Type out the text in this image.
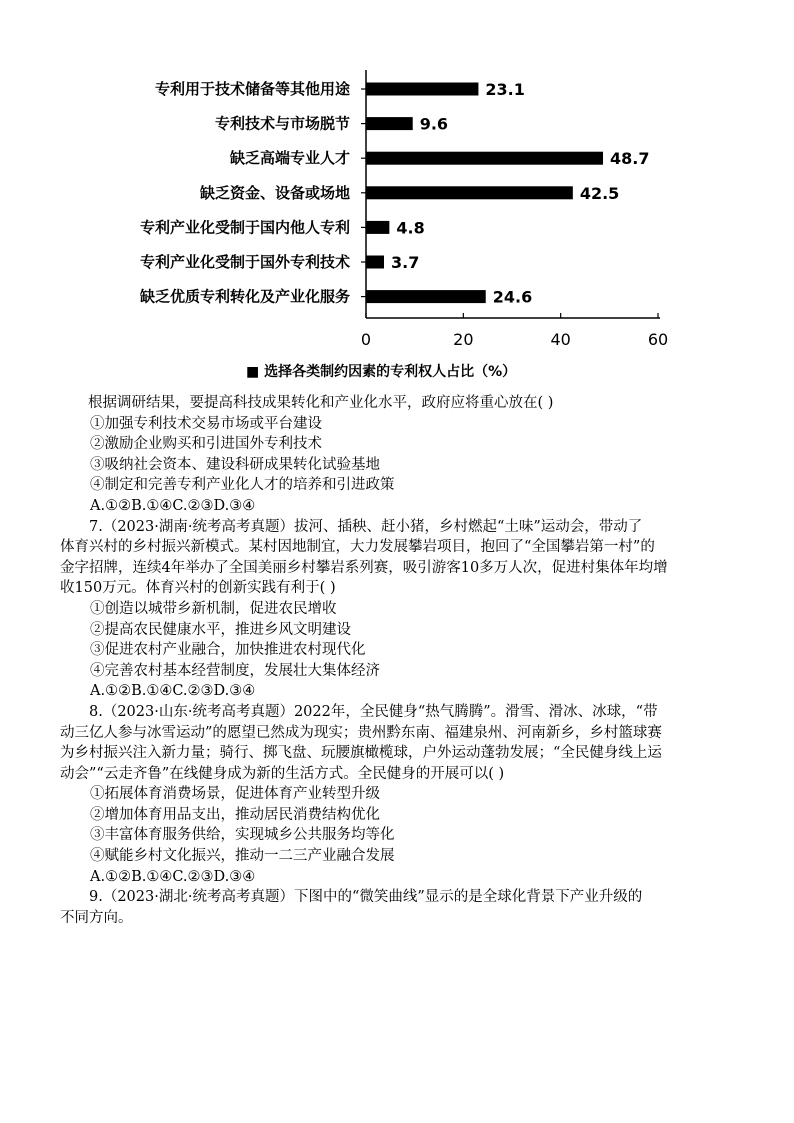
专利用于技术储备等其他用途
专利技术与市场脱节
缺乏高端专业人才
缺乏资金、设备或场地
专利产业化受制于国内他人专利
专利产业化受制于国外专利技术
缺乏优质专利转化及产业化服务
23.1
9.6
48.7
42.5
4.8
3.7
24.6
0	20	40	60
■ 选择各类制约因素的专利权人占比（%）

根据调研结果，要提高科技成果转化和产业化水平，政府应将重心放在( )

①加强专利技术交易市场或平台建设

②激励企业购买和引进国外专利技术

③吸纳社会资本、建设科研成果转化试验基地

④制定和完善专利产业化人才的培养和引进政策

A.①②B.①④C.②③D.③④

7.（2023·湖南·统考高考真题）拔河、插秧、赶小猪，乡村燃起“土味”运动会，带动了

体育兴村的乡村振兴新模式。某村因地制宜，大力发展攀岩项目，抱回了“全国攀岩第一村”的

金字招牌，连续4年举办了全国美丽乡村攀岩系列赛，吸引游客10多万人次，促进村集体年均增

收150万元。体育兴村的创新实践有利于( )

①创造以城带乡新机制，促进农民增收

②提高农民健康水平，推进乡风文明建设

③促进农村产业融合，加快推进农村现代化

④完善农村基本经营制度，发展壮大集体经济

A.①②B.①④C.②③D.③④

8.（2023·山东·统考高考真题）2022年，全民健身“热气腾腾”。滑雪、滑冰、冰球，“带

动三亿人参与冰雪运动”的愿望已然成为现实；贵州黔东南、福建泉州、河南新乡，乡村篮球赛

为乡村振兴注入新力量；骑行、掷飞盘、玩腰旗橄榄球，户外运动蓬勃发展；“全民健身线上运

动会”“云走齐鲁”在线健身成为新的生活方式。全民健身的开展可以( )

①拓展体育消费场景，促进体育产业转型升级

②增加体育用品支出，推动居民消费结构优化

③丰富体育服务供给，实现城乡公共服务均等化

④赋能乡村文化振兴，推动一二三产业融合发展

A.①②B.①④C.②③D.③④

9.（2023·湖北·统考高考真题）下图中的“微笑曲线”显示的是全球化背景下产业升级的

不同方向。
